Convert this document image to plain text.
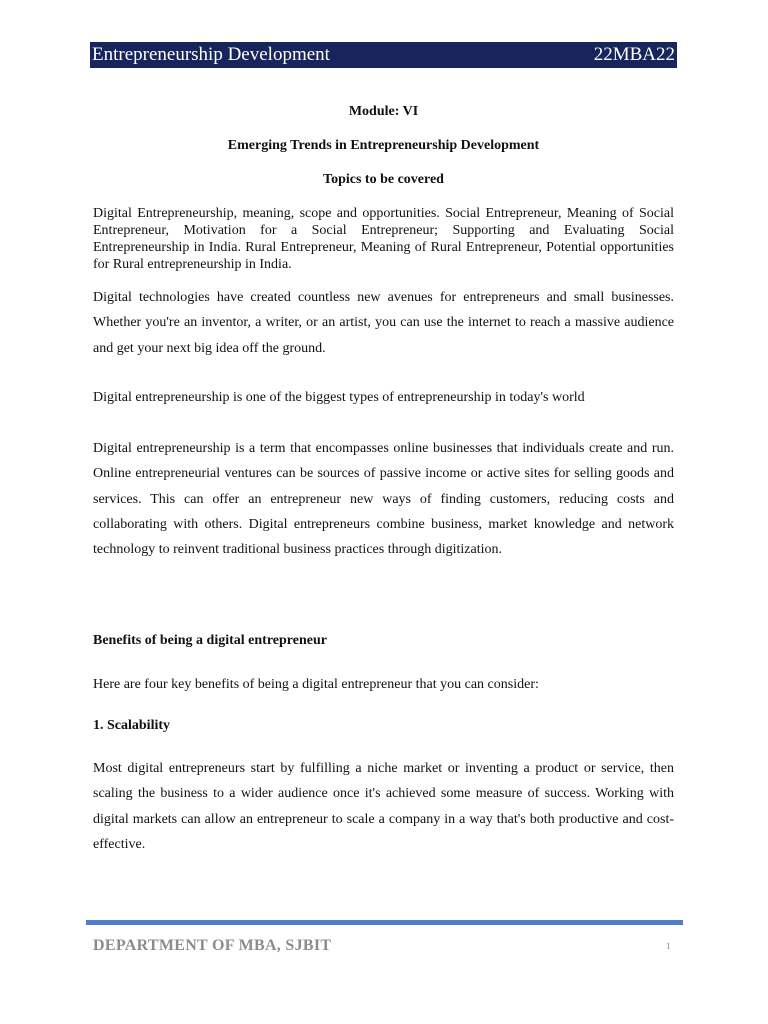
Entrepreneurship Development	22MBA22
Module: VI
Emerging Trends in Entrepreneurship Development
Topics to be covered

Digital Entrepreneurship, meaning, scope and opportunities. Social Entrepreneur, Meaning of Social Entrepreneur, Motivation for a Social Entrepreneur; Supporting and Evaluating Social Entrepreneurship in India. Rural Entrepreneur, Meaning of Rural Entrepreneur, Potential opportunities for Rural entrepreneurship in India.

Digital technologies have created countless new avenues for entrepreneurs and small businesses. Whether you're an inventor, a writer, or an artist, you can use the internet to reach a massive audience and get your next big idea off the ground.

Digital entrepreneurship is one of the biggest types of entrepreneurship in today's world

Digital entrepreneurship is a term that encompasses online businesses that individuals create and run. Online entrepreneurial ventures can be sources of passive income or active sites for selling goods and services. This can offer an entrepreneur new ways of finding customers, reducing costs and collaborating with others. Digital entrepreneurs combine business, market knowledge and network technology to reinvent traditional business practices through digitization.

Benefits of being a digital entrepreneur

Here are four key benefits of being a digital entrepreneur that you can consider:

1. Scalability

Most digital entrepreneurs start by fulfilling a niche market or inventing a product or service, then scaling the business to a wider audience once it's achieved some measure of success. Working with digital markets can allow an entrepreneur to scale a company in a way that's both productive and cost-effective.

DEPARTMENT OF MBA, SJBIT	1
